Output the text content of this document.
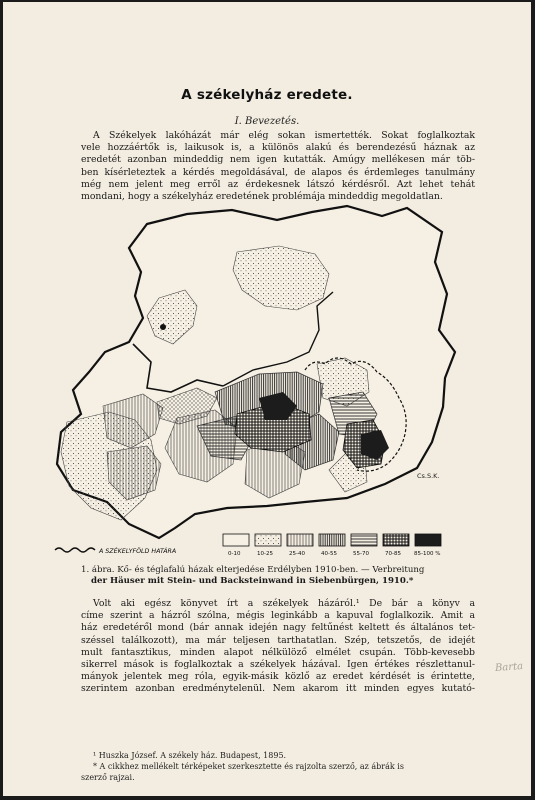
A székelyház eredete.
I. Bevezetés.

A Székelyek lakóházát már elég sokan ismertették. Sokat foglalkoztak
vele hozzáértők is, laikusok is, a különös alakú és berendezésű háznak az
eredetét azonban mindeddig nem igen kutatták. Amúgy mellékesen már töb-
ben kísérleteztek a kérdés megoldásával, de alapos és érdemleges tanulmány
még nem jelent meg erről az érdekesnek látszó kérdésről. Azt lehet tehát
mondani, hogy a székelyház eredetének problémája mindeddig megoldatlan.

Cs.S.K.
A SZÉKELYFÖLD HATÁRA	0-10	10-25	25-40	40-55	55-70	70-85 85-100 %
1. ábra. Kő- és téglafalú házak elterjedése Erdélyben 1910-ben. — Verbreitung
der Häuser mit Stein- und Backsteinwand in Siebenbürgen, 1910.*

Volt aki egész könyvet írt a székelyek házáról.¹ De bár a könyv a
címe szerint a házról szólna, mégis leginkább a kapuval foglalkozik. Amit a
ház eredetéről mond (bár annak idején nagy feltűnést keltett és általános tet-
széssel találkozott), ma már teljesen tarthatatlan. Szép, tetszetős, de idejét
mult fantasztikus, minden alapot nélkülöző elmélet csupán. Több-kevesebb
sikerrel mások is foglalkoztak a székelyek házával. Igen értékes részlettanul-
mányok jelentek meg róla, egyik-másik közlő az eredet kérdését is érintette,
szerintem azonban eredménytelenül. Nem akarom itt minden egyes kutató-

Barta
¹ Huszka József. A székely ház. Budapest, 1895.
* A cikkhez mellékelt térképeket szerkesztette és rajzolta szerző, az ábrák is
szerző rajzai.
